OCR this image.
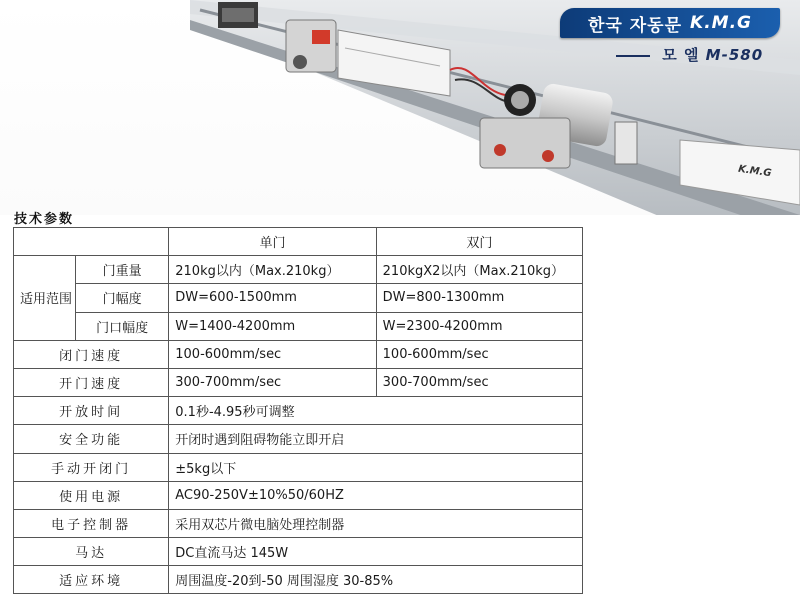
한국 자동문 K.M.G
모 엘 M-580
K.M.G
技术参数
		单门	双门
适用范围	门重量	210kg以内（Max.210kg）	210kgX2以内（Max.210kg）
	门幅度	DW=600-1500mm	DW=800-1300mm
	门口幅度	W=1400-4200mm	W=2300-4200mm
闭门速度		100-600mm/sec	100-600mm/sec
开门速度		300-700mm/sec	300-700mm/sec
开放时间		0.1秒-4.95秒可调整	
安全功能		开闭时遇到阻碍物能立即开启	
手动开闭门		±5kg以下	
使用电源		AC90-250V±10%50/60HZ	
电子控制器		采用双芯片微电脑处理控制器	
马达		DC直流马达 145W	
适应环境		周围温度-20到-50 周围湿度 30-85%	
